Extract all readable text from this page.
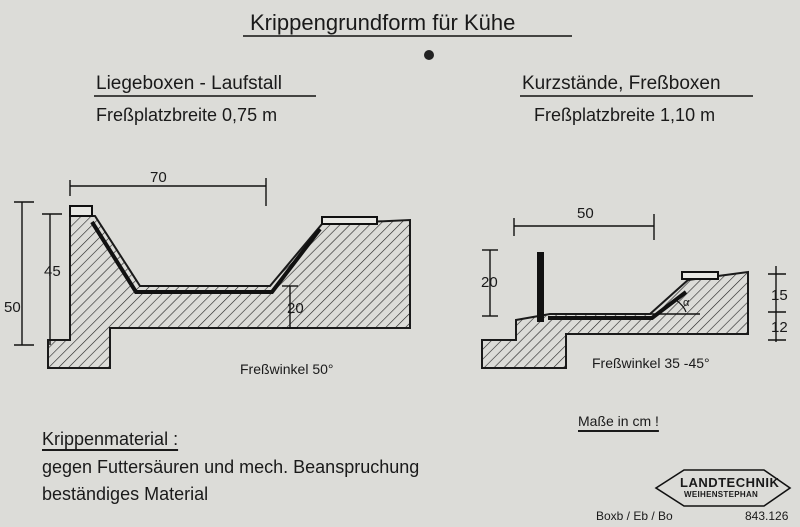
Krippengrundform für Kühe
Liegeboxen - Laufstall
Freßplatzbreite 0,75 m
Kurzstände, Freßboxen
Freßplatzbreite 1,10 m
70
50
45
20
Freßwinkel 50°
50
20
15
12
α
Freßwinkel 35 -45°
Maße in cm !
Krippenmaterial :
gegen Futtersäuren und mech. Beanspruchung
beständiges Material
LANDTECHNIK
WEIHENSTEPHAN
Boxb / Eb / Bo	843.126
